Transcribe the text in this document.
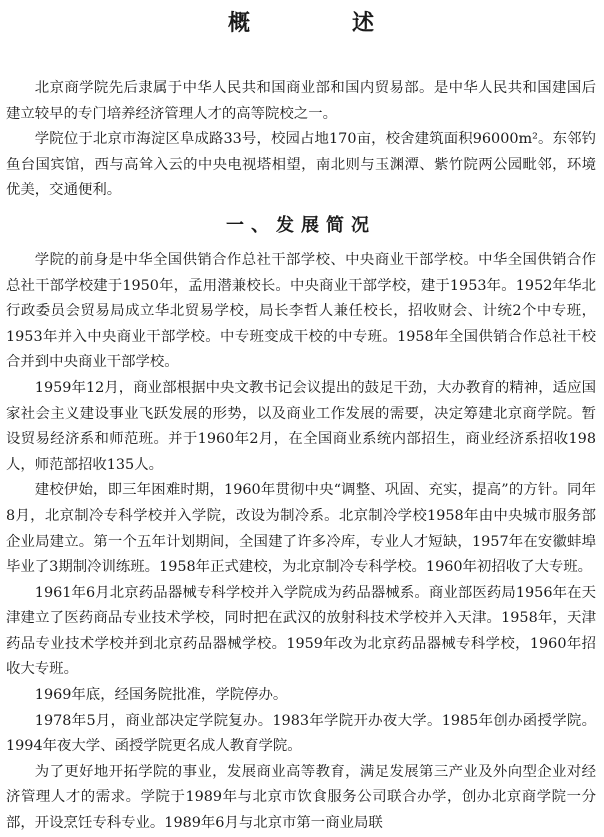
概　述

北京商学院先后隶属于中华人民共和国商业部和国内贸易部。是中华人民共和国建国后建立较早的专门培养经济管理人才的高等院校之一。

学院位于北京市海淀区阜成路33号，校园占地170亩，校舍建筑面积96000m²。东邻钓鱼台国宾馆，西与高耸入云的中央电视塔相望，南北则与玉渊潭、紫竹院两公园毗邻，环境优美，交通便利。

一、发展简况

学院的前身是中华全国供销合作总社干部学校、中央商业干部学校。中华全国供销合作总社干部学校建于1950年，孟用潜兼校长。中央商业干部学校，建于1953年。1952年华北行政委员会贸易局成立华北贸易学校，局长李哲人兼任校长，招收财会、计统2个中专班，1953年并入中央商业干部学校。中专班变成干校的中专班。1958年全国供销合作总社干校合并到中央商业干部学校。

1959年12月，商业部根据中央文教书记会议提出的鼓足干劲，大办教育的精神，适应国家社会主义建设事业飞跃发展的形势，以及商业工作发展的需要，决定筹建北京商学院。暂设贸易经济系和师范班。并于1960年2月，在全国商业系统内部招生，商业经济系招收198人，师范部招收135人。

建校伊始，即三年困难时期，1960年贯彻中央“调整、巩固、充实，提高”的方针。同年8月，北京制冷专科学校并入学院，改设为制冷系。北京制冷学校1958年由中央城市服务部企业局建立。第一个五年计划期间，全国建了许多冷库，专业人才短缺，1957年在安徽蚌埠毕业了3期制冷训练班。1958年正式建校，为北京制冷专科学校。1960年初招收了大专班。

1961年6月北京药品器械专科学校并入学院成为药品器械系。商业部医药局1956年在天津建立了医药商品专业技术学校，同时把在武汉的放射科技术学校并入天津。1958年，天津药品专业技术学校并到北京药品器械学校。1959年改为北京药品器械专科学校，1960年招收大专班。

1969年底，经国务院批准，学院停办。

1978年5月，商业部决定学院复办。1983年学院开办夜大学。1985年创办函授学院。1994年夜大学、函授学院更名成人教育学院。

为了更好地开拓学院的事业，发展商业高等教育，满足发展第三产业及外向型企业对经济管理人才的需求。学院于1989年与北京市饮食服务公司联合办学，创办北京商学院一分部，开设烹饪专科专业。1989年6月与北京市第一商业局联
